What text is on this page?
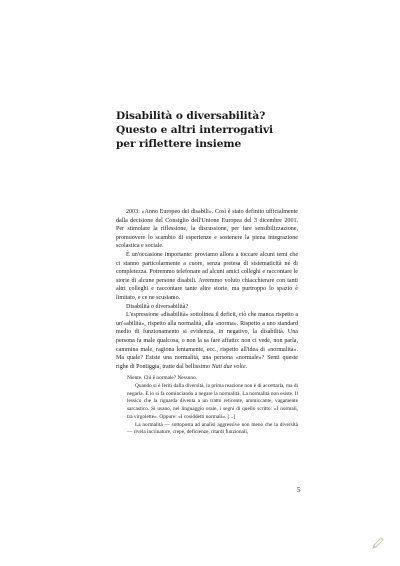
Disabilità o diversabilità?
Questo e altri interrogativi
per riflettere insieme

2003: «Anno Europeo dei disabili». Così è stato definito ufficialmente dalla decisione del Consiglio dell'Unione Europea del 3 dicembre 2001. Per stimolare la riflessione, la discussione, per fare sensibilizzazione, promuovere lo scambio di esperienze e sostenere la piena integrazione scolastica e sociale.

È un'occasione importante: proviamo allora a toccare alcuni temi che ci stanno particolarmente a cuore, senza pretesa di sistematicità né di completezza. Potremmo telefonare ad alcuni amici colleghi e raccontare le storie di alcune persone disabili. Avremmo voluto chiacchierare con tanti altri colleghi e raccontare tante altre storie, ma purtroppo lo spazio è limitato, e ce ne scusiamo.

Disabilità o diversabilità?

L'espressione «disabilità» sottolinea il deficit, ciò che manca rispetto a un'«abilità», rispetto alla normalità, alla «norma». Rispetto a uno standard medio di funzionamento si evidenzia, in negativo, la disabilità. Una persona fa male qualcosa, o non la sa fare affatto: non ci vede, non parla, cammina male, ragiona lentamente, ecc., rispetto all'idea di «normalità». Ma quale? Esiste una normalità, una persona «normale»? Senti queste righe di Pontiggia, tratte dal bellissimo Nati due volte.

Niente. Chi è normale? Nessuno.

Quando si è feriti dalla diversità, la prima reazione non è di accettarla, ma di negarla. E lo si fa cominciando a negare la normalità. La normalità non esiste. Il lessico che la riguarda diventa a un tratto reticente, ammiccante, vagamente sarcastico. Si usano, nel linguaggio orale, i segni di quello scritto: «I normali, tra virgolette». Oppure: «I cosiddetti normali». [...]

La normalità — sottoposta ad analisi aggressive non meno che la diversità — rivela incrinature, crepe, deficienze, ritardi funzionali,

5
